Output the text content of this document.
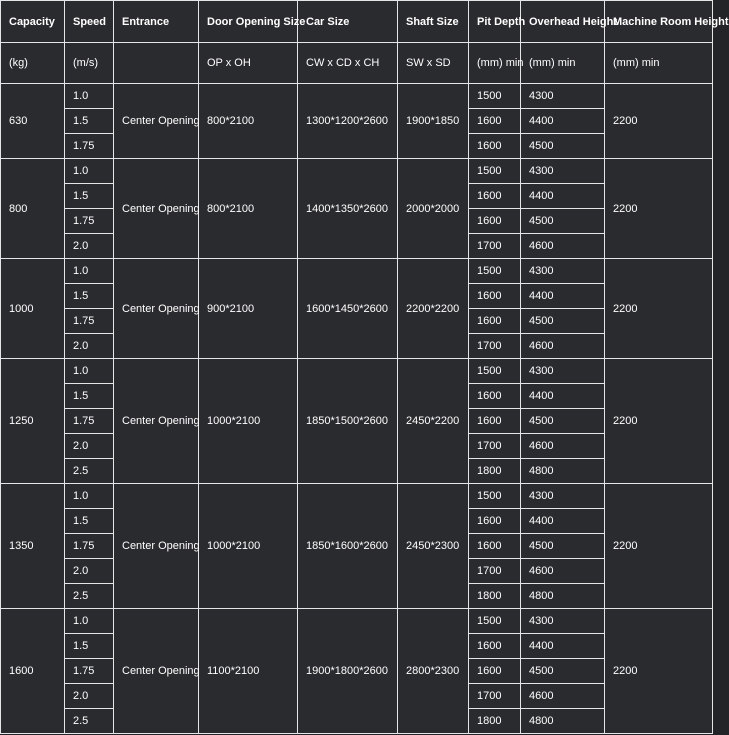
Capacity	Speed	Entrance	Door Opening Size	Car Size	Shaft Size	Pit Depth	Overhead Height	Machine Room Height
(kg)	(m/s)		OP x OH	CW x CD x CH	SW x SD	(mm) min	(mm) min	(mm) min
630	1.0	Center Opening	800*2100	1300*1200*2600	1900*1850	1500	4300	2200
	1.5					1600	4400	
	1.75					1600	4500	
800	1.0	Center Opening	800*2100	1400*1350*2600	2000*2000	1500	4300	2200
	1.5					1600	4400	
	1.75					1600	4500	
	2.0					1700	4600	
1000	1.0	Center Opening	900*2100	1600*1450*2600	2200*2200	1500	4300	2200
	1.5					1600	4400	
	1.75					1600	4500	
	2.0					1700	4600	
1250	1.0	Center Opening	1000*2100	1850*1500*2600	2450*2200	1500	4300	2200
	1.5					1600	4400	
	1.75					1600	4500	
	2.0					1700	4600	
	2.5					1800	4800	
1350	1.0	Center Opening	1000*2100	1850*1600*2600	2450*2300	1500	4300	2200
	1.5					1600	4400	
	1.75					1600	4500	
	2.0					1700	4600	
	2.5					1800	4800	
1600	1.0	Center Opening	1100*2100	1900*1800*2600	2800*2300	1500	4300	2200
	1.5					1600	4400	
	1.75					1600	4500	
	2.0					1700	4600	
	2.5					1800	4800	
